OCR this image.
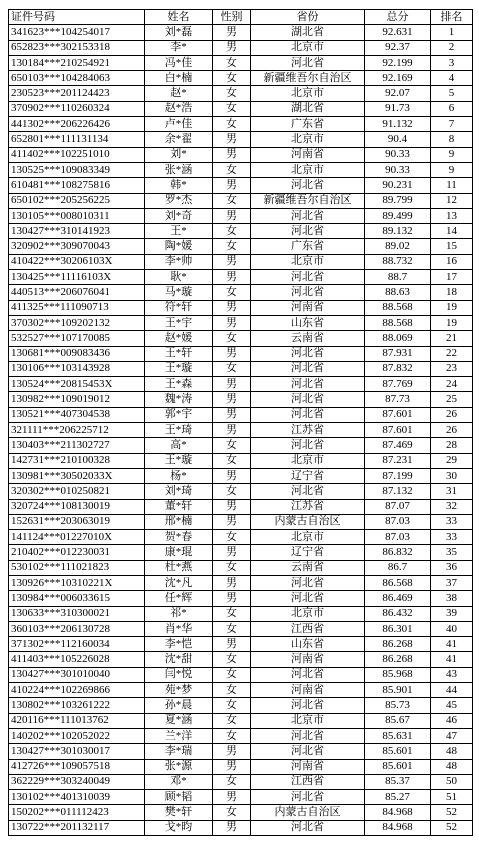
证件号码	姓名	性别	省份	总分	排名
341623***104254017	刘*磊	男	湖北省	92.631	1
652823***302153318	李*	男	北京市	92.37	2
130184***210254921	冯*佳	女	河北省	92.199	3
650103***104284063	白*楠	女	新疆维吾尔自治区	92.169	4
230523***201124423	赵*	女	北京市	92.07	5
370902***110260324	赵*浩	女	湖北省	91.73	6
441302***206226426	卢*佳	女	广东省	91.132	7
652801***111131134	余*翟	男	北京市	90.4	8
411402***102251010	刘*	男	河南省	90.33	9
130525***109083349	张*涵	女	北京市	90.33	9
610481***108275816	韩*	男	河北省	90.231	11
650102***205256225	罗*杰	女	新疆维吾尔自治区	89.799	12
130105***008010311	刘*奇	男	河北省	89.499	13
130427***310141923	王*	女	河北省	89.132	14
320902***309070043	陶*媛	女	广东省	89.02	15
410422***30206103X	李*帅	男	北京市	88.732	16
130425***11116103X	耿*	男	河北省	88.7	17
440513***206076041	马*璇	女	河北省	88.63	18
411325***111090713	符*轩	男	河南省	88.568	19
370302***109202132	王*宇	男	山东省	88.568	19
532527***107170085	赵*媛	女	云南省	88.069	21
130681***009083436	王*轩	男	河北省	87.931	22
130106***103143928	王*璇	女	河北省	87.832	23
130524***20815453X	王*森	男	河北省	87.769	24
130982***109019012	魏*涛	男	河北省	87.73	25
130521***407304538	郭*宇	男	河北省	87.601	26
321111***206225712	王*琦	男	江苏省	87.601	26
130403***211302727	高*	女	河北省	87.469	28
142731***210100328	王*璇	女	北京市	87.231	29
130981***30502033X	杨*	男	辽宁省	87.199	30
320302***010250821	刘*琦	女	河北省	87.132	31
320724***108130019	董*轩	男	江苏省	87.07	32
152631***203063019	邢*楠	男	内蒙古自治区	87.03	33
141124***01227010X	贺*春	女	北京市	87.03	33
210402***012230031	康*琨	男	辽宁省	86.832	35
530102***111021823	杜*燕	女	云南省	86.7	36
130926***10310221X	沈*凡	男	河北省	86.568	37
130984***006033615	任*辉	男	河北省	86.469	38
130633***310300021	祁*	女	北京市	86.432	39
360103***206130728	肖*华	女	江西省	86.301	40
371302***112160034	李*恺	男	山东省	86.268	41
411403***105226028	沈*甜	女	河南省	86.268	41
130427***301010040	闫*悦	女	河北省	85.968	43
410224***102269866	苑*梦	女	河南省	85.901	44
130802***103261222	孙*晨	女	河北省	85.73	45
420116***111013762	夏*涵	女	北京市	85.67	46
140202***102052022	兰*洋	女	河北省	85.631	47
130427***301030017	李*瑞	男	河北省	85.601	48
412726***109057518	张*源	男	河南省	85.601	48
362229***303240049	邓*	女	江西省	85.37	50
130102***401310039	顾*韬	男	河北省	85.27	51
150202***011112423	樊*轩	女	内蒙古自治区	84.968	52
130722***201132117	戈*昀	男	河北省	84.968	52
